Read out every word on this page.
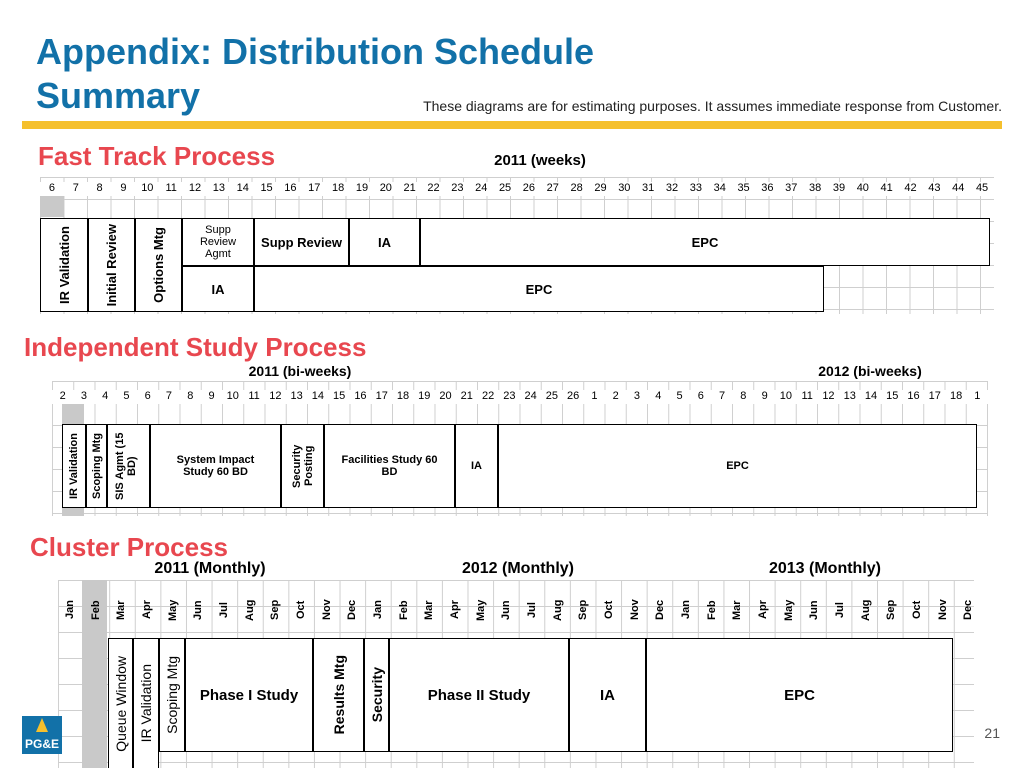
Appendix: Distribution Schedule Summary	These diagrams are for estimating purposes. It assumes immediate response from Customer.
Fast Track Process	2011 (weeks)
6	7	8	9	10	11	12	13	14	15	16	17	18	19	20	21	22	23	24	25	26	27	28	29	30	31	32	33	34	35	36	37	38	39	40	41	42	43	44	45
IR Validation	Initial Review Options Mtg	Supp Review Agmt
Supp Review	IA	EPC
IA	EPC
Independent Study Process
2011 (bi-weeks)	2012 (bi-weeks)
2	3	4	5	6	7	8	9	10 11 12 13 14 15 16 17 18 19 20 21 22 23 24 25 26	1	2	3	4	5	6	7	8	9	10 11 12 13 14 15 16 17 18	1
IR Validation Scoping Mtg SIS Agmt (15 BD)	System Impact Study 60 BD	Security Posting Facilities Study 60 BD	IA	EPC
Cluster Process
2011 (Monthly)	2012 (Monthly)	2013 (Monthly)
Jan Feb Mar Apr May Jun Jul Aug Sep Oct Nov Dec Jan Feb Mar Apr May Jun Jul Aug Sep Oct Nov Dec Jan Feb Mar Apr May Jun Jul Aug Sep Oct Nov Dec
Queue Window IR Validation Scoping Mtg Phase I Study Results Mtg Security	Phase II Study	IA	EPC
PG&E
21
